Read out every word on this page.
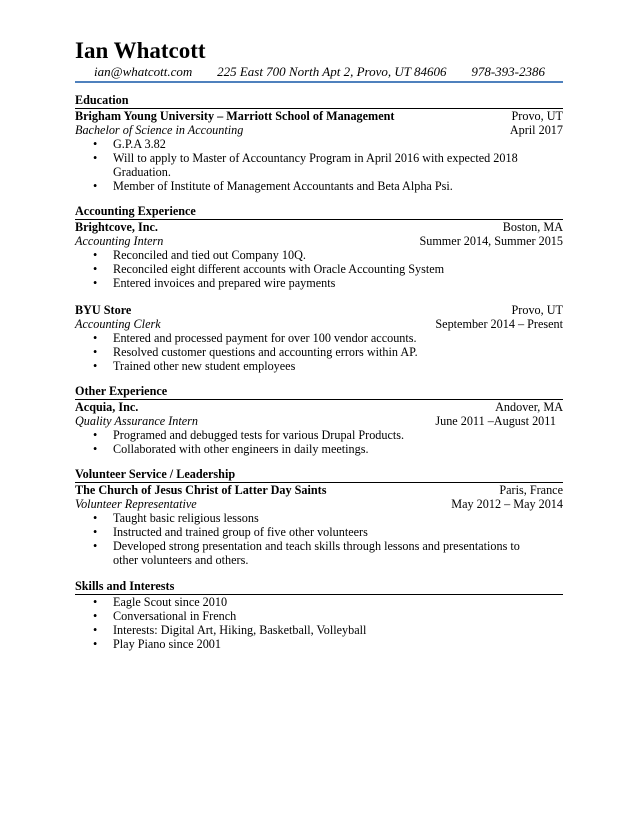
Ian Whatcott
ian@whatcott.com 225 East 700 North Apt 2, Provo, UT 84606 978-393-2386
Education
Brigham Young University – Marriott School of Management	Provo, UT
Bachelor of Science in Accounting	April 2017
• G.P.A 3.82
• Will to apply to Master of Accountancy Program in April 2016 with expected 2018 Graduation.
• Member of Institute of Management Accountants and Beta Alpha Psi.
Accounting Experience
Brightcove, Inc.	Boston, MA
Accounting Intern	Summer 2014, Summer 2015
• Reconciled and tied out Company 10Q.
• Reconciled eight different accounts with Oracle Accounting System
• Entered invoices and prepared wire payments
BYU Store	Provo, UT
Accounting Clerk	September 2014 – Present
• Entered and processed payment for over 100 vendor accounts.
• Resolved customer questions and accounting errors within AP.
• Trained other new student employees
Other Experience
Acquia, Inc.	Andover, MA
Quality Assurance Intern	June 2011 –August 2011
• Programed and debugged tests for various Drupal Products.
• Collaborated with other engineers in daily meetings.
Volunteer Service / Leadership
The Church of Jesus Christ of Latter Day Saints	Paris, France
Volunteer Representative	May 2012 – May 2014
• Taught basic religious lessons
• Instructed and trained group of five other volunteers
• Developed strong presentation and teach skills through lessons and presentations to other volunteers and others.
Skills and Interests
• Eagle Scout since 2010
• Conversational in French
• Interests: Digital Art, Hiking, Basketball, Volleyball
• Play Piano since 2001
